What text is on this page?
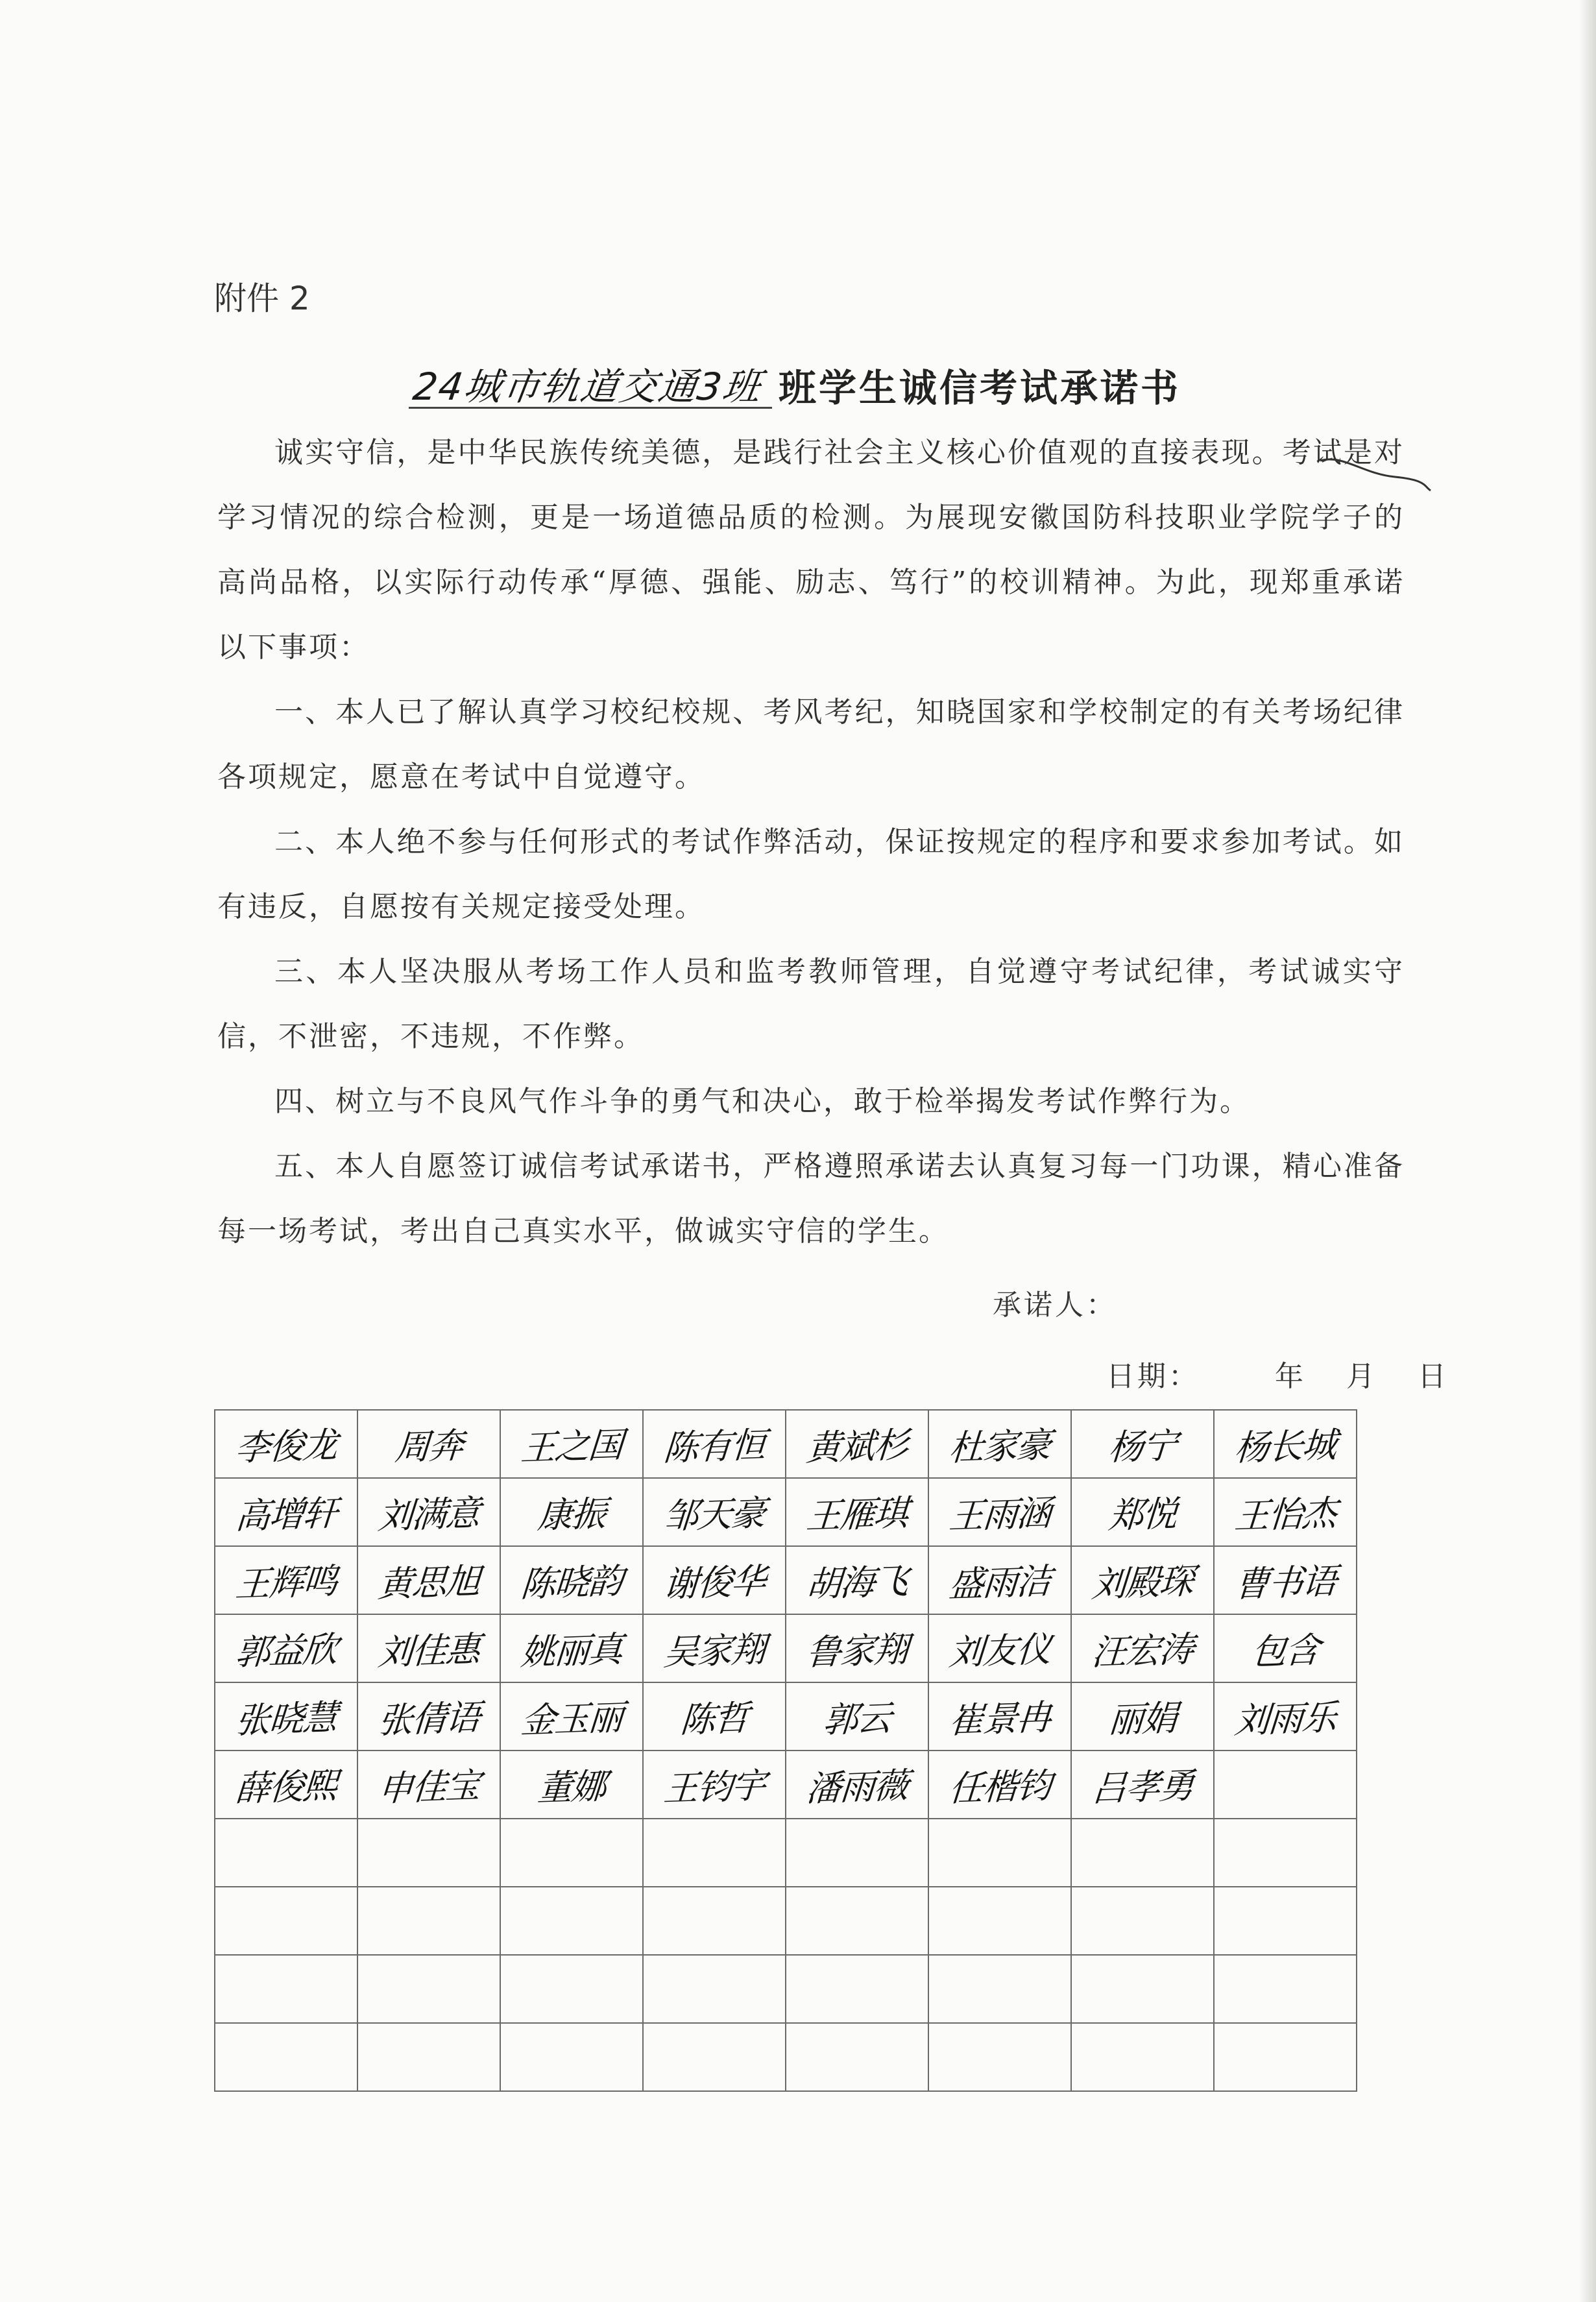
附件 2
24城市轨道交通3班 班学生诚信考试承诺书

诚实守信，是中华民族传统美德，是践行社会主义核心价值观的直接表现。考试是对学习情况的综合检测，更是一场道德品质的检测。为展现安徽国防科技职业学院学子的高尚品格，以实际行动传承“厚德、强能、励志、笃行”的校训精神。为此，现郑重承诺以下事项：

一、本人已了解认真学习校纪校规、考风考纪，知晓国家和学校制定的有关考场纪律各项规定，愿意在考试中自觉遵守。

二、本人绝不参与任何形式的考试作弊活动，保证按规定的程序和要求参加考试。如有违反，自愿按有关规定接受处理。

三、本人坚决服从考场工作人员和监考教师管理，自觉遵守考试纪律，考试诚实守信，不泄密，不违规，不作弊。

四、树立与不良风气作斗争的勇气和决心，敢于检举揭发考试作弊行为。

五、本人自愿签订诚信考试承诺书，严格遵照承诺去认真复习每一门功课，精心准备每一场考试，考出自己真实水平，做诚实守信的学生。

承诺人：
日期：	年 月 日
李俊龙	周奔	王之国	陈有恒	黄斌杉	杜家豪	杨宁	杨长城
高增轩	刘满意	康振	邹天豪	王雁琪	王雨涵	郑悦	王怡杰
王辉鸣	黄思旭	陈晓韵	谢俊华	胡海飞	盛雨洁	刘殿琛	曹书语
郭益欣	刘佳惠	姚丽真	吴家翔	鲁家翔	刘友仪	汪宏涛	包含
张晓慧	张倩语	金玉丽	陈哲	郭云	崔景冉	丽娟	刘雨乐
薛俊熙	申佳宝	董娜	王钧宇	潘雨薇	任楷钧	吕孝勇	
